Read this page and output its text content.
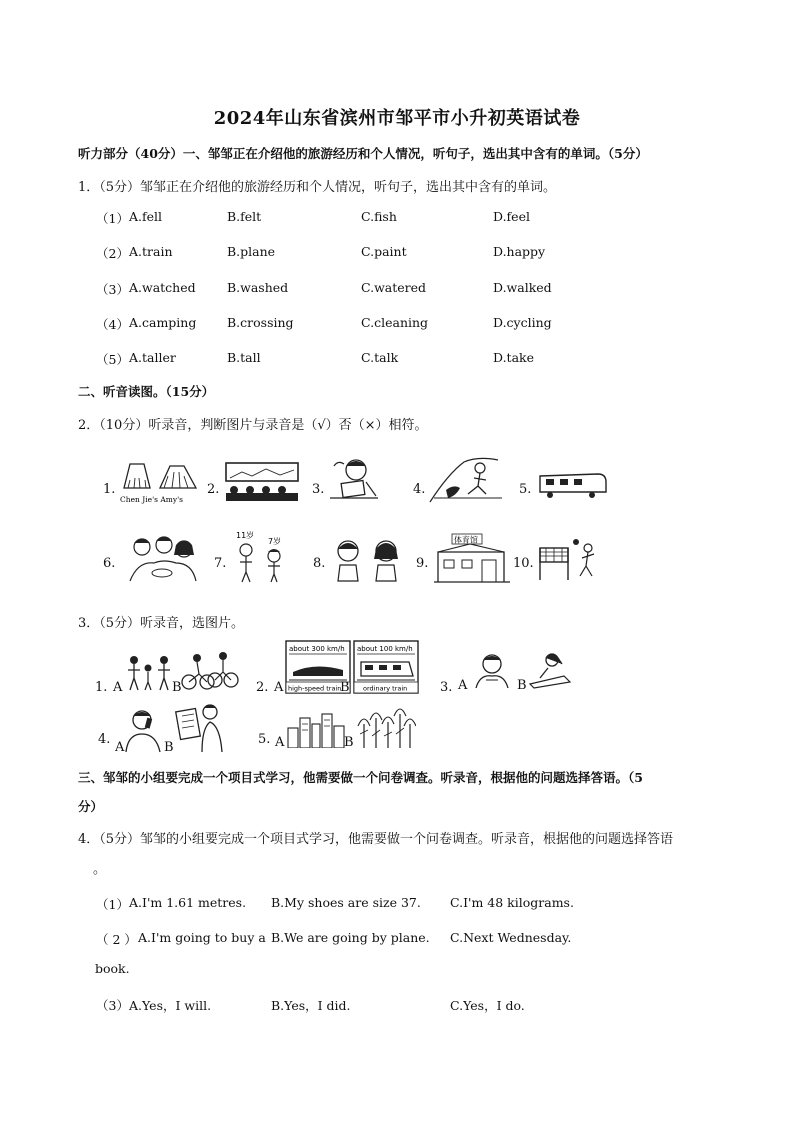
2024年山东省滨州市邹平市小升初英语试卷
听力部分（40分）一、邹邹正在介绍他的旅游经历和个人情况，听句子，选出其中含有的单词。（5分）
1．（5分）邹邹正在介绍他的旅游经历和个人情况，听句子，选出其中含有的单词。
（1） A.fell	B.felt	C.fish	D.feel
（2） A.train	B.plane	C.paint	D.happy
（3） A.watched	B.washed	C.watered	D.walked
（4） A.camping B.crossing	C.cleaning	D.cycling
（5） A.taller	B.tall	C.talk	D.take
二、听音读图。（15分）
2．（10分）听录音，判断图片与录音是（√）否（×）相符。
1.
Chen Jie's Amy's
2.	3.	4.	5.
6.	7.
11岁
7岁
8.	9.
体育馆
10.
3．（5分）听录音，选图片。
1. A	B	2.
about 300 km/h
high-speed train
A
about 100 km/h
ordinary train
B	3. A	B
4.
A	B
5. A	B
三、邹邹的小组要完成一个项目式学习，他需要做一个问卷调查。听录音，根据他的问题选择答语。（5
分）
4．（5分）邹邹的小组要完成一个项目式学习，他需要做一个问卷调查。听录音，根据他的问题选择答语
。
（1） A.I'm 1.61 metres. B.My shoes are size 37. C.I'm 48 kilograms.
（ 2 ） A.I'm going to buy a B.We are going by plane. C.Next Wednesday.
book.
（3） A.Yes，I will.	B.Yes，I did.	C.Yes，I do.
